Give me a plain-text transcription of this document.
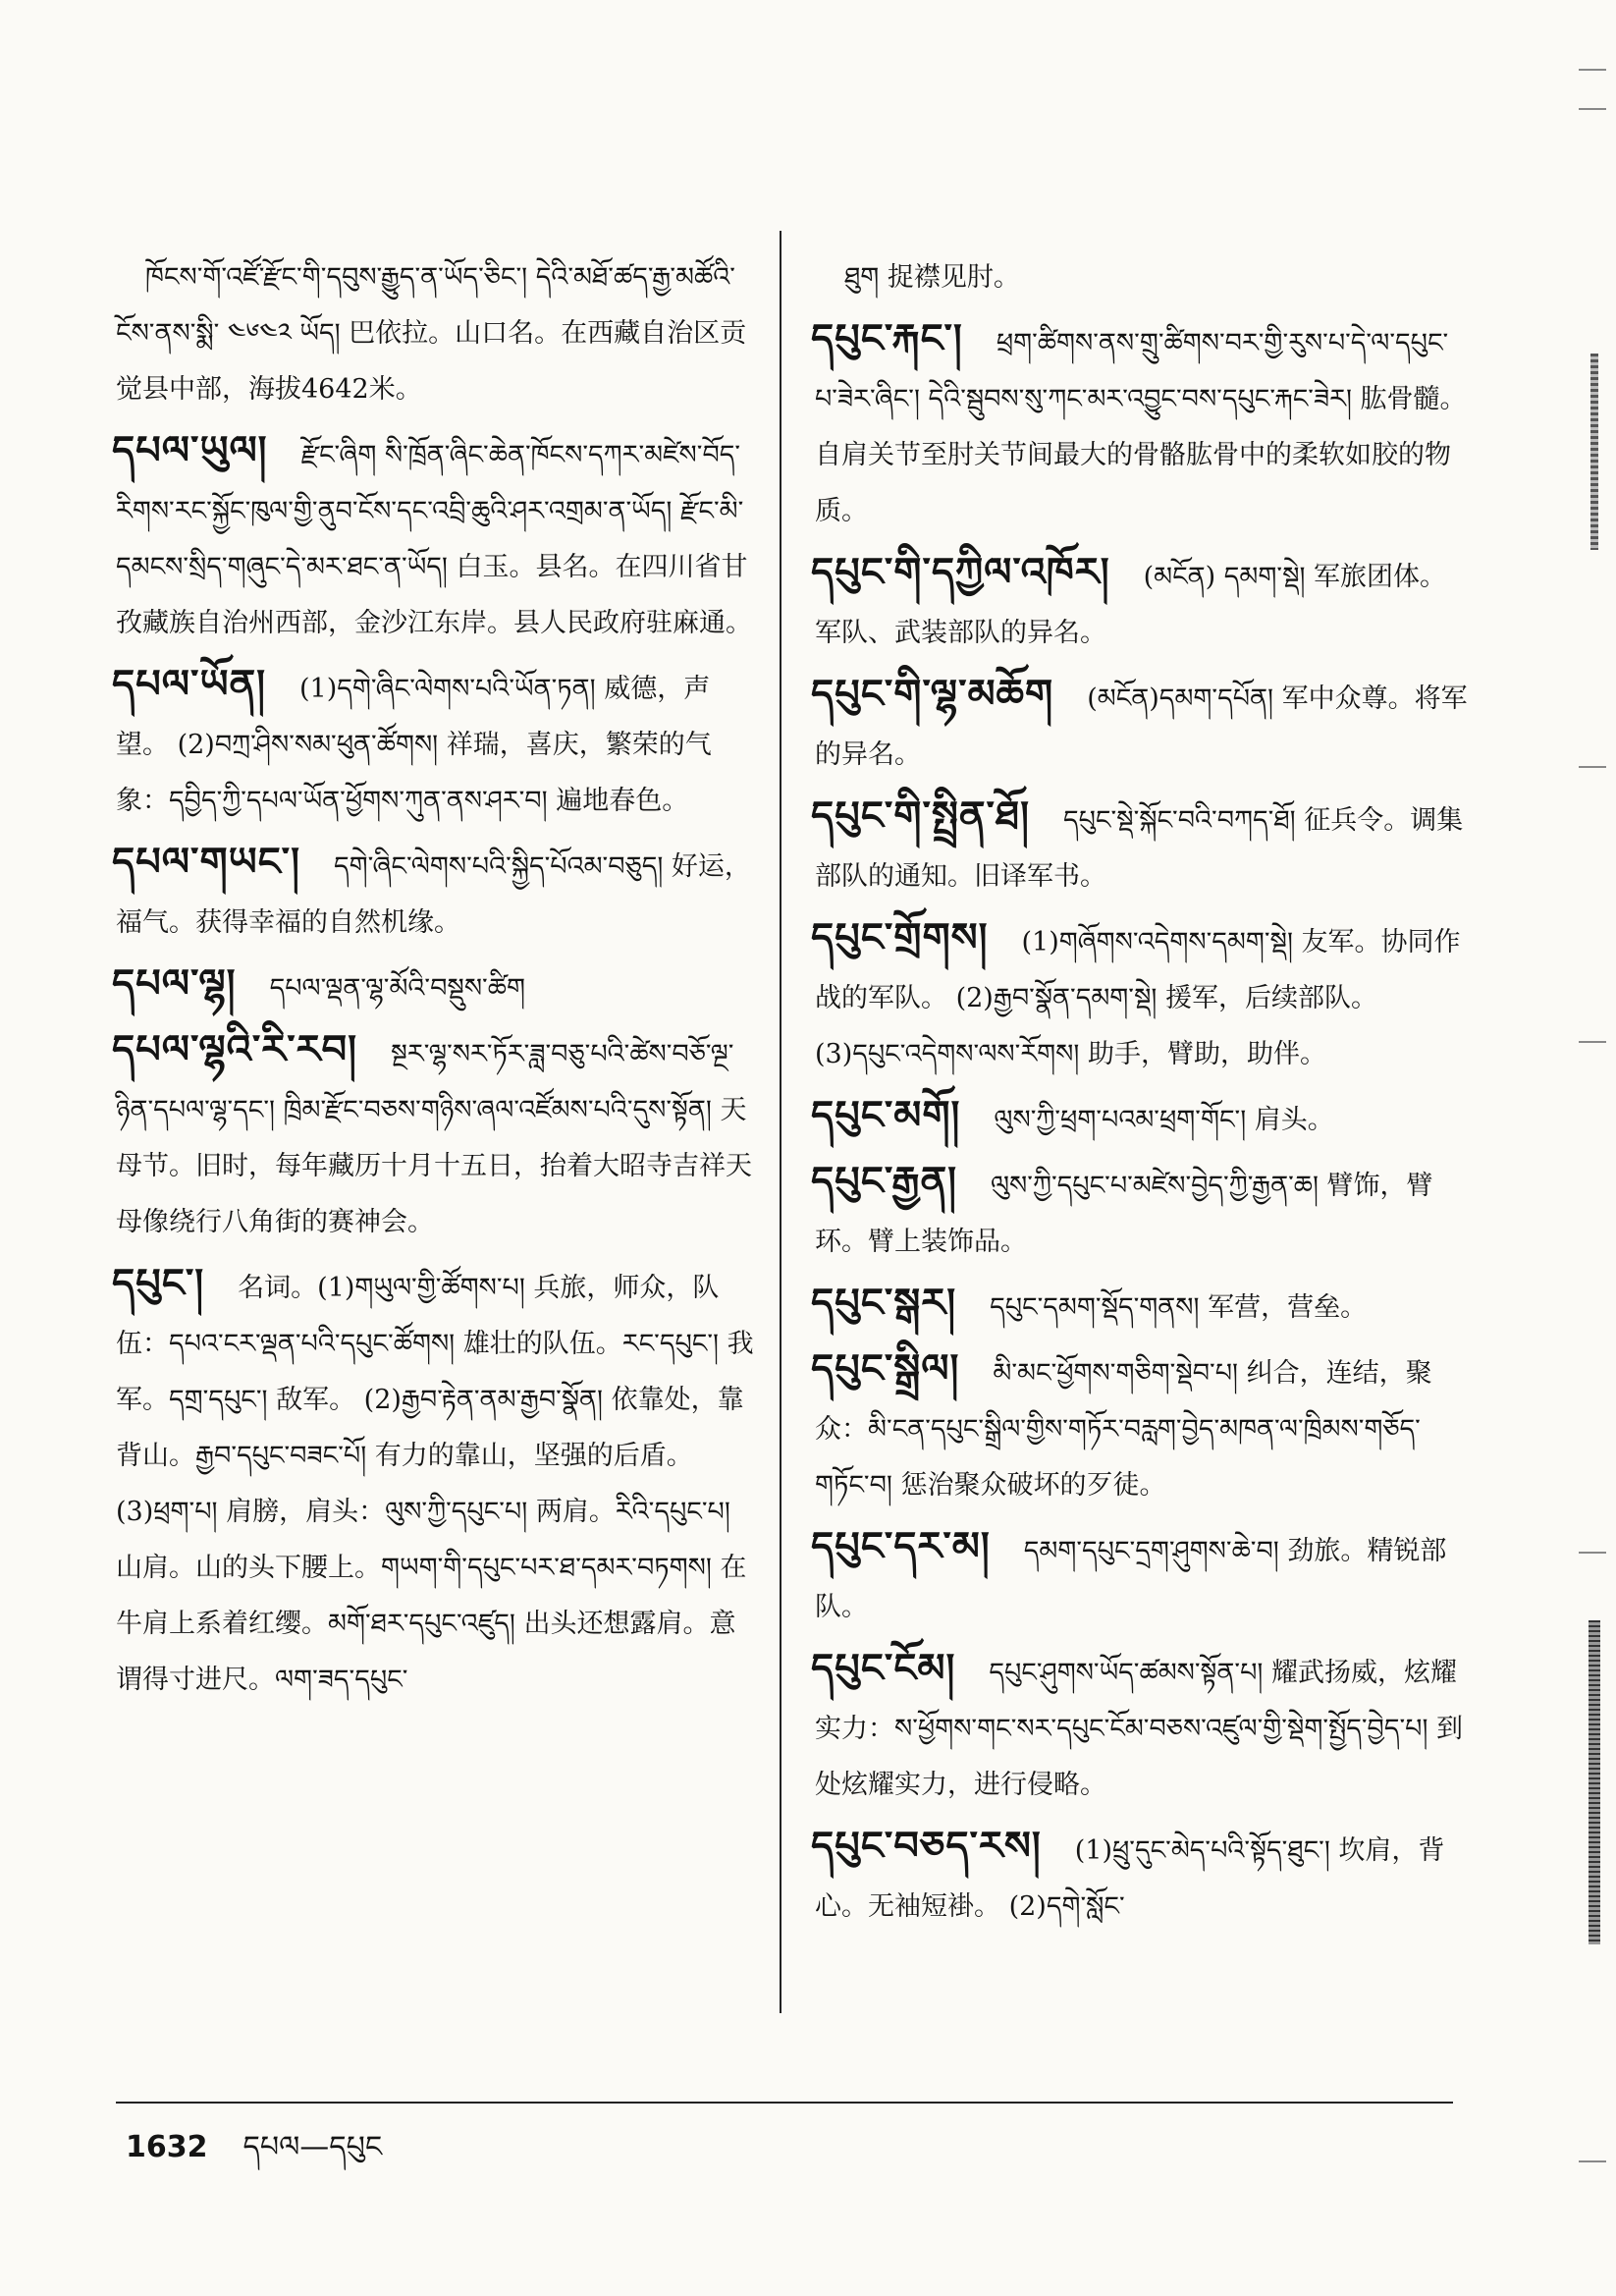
ཁོངས་གོ་འཛོ་རྫོང་གི་དབུས་རྒྱུད་ན་ཡོད་ཅིང་། དེའི་མཐོ་ཚད་རྒྱ་མཚོའི་ངོས་ནས་སྨི་ ༤༦༤༢ ཡོད། 巴依拉。山口名。在西藏自治区贡觉县中部，海拔4642米。
དཔལ་ཡུལ། རྫོང་ཞིག སི་ཁྲོན་ཞིང་ཆེན་ཁོངས་དཀར་མཛེས་བོད་རིགས་རང་སྐྱོང་ཁུལ་གྱི་ནུབ་ངོས་དང་འབྲི་ཆུའི་ཤར་འགྲམ་ན་ཡོད། རྫོང་མི་དམངས་སྲིད་གཞུང་དེ་མར་ཐང་ན་ཡོད། 白玉。县名。在四川省甘孜藏族自治州西部，金沙江东岸。县人民政府驻麻通。
དཔལ་ཡོན། (1)དགེ་ཞིང་ལེགས་པའི་ཡོན་ཏན། 威德，声望。 (2)བཀྲ་ཤིས་སམ་ཕུན་ཚོགས། 祥瑞，喜庆，繁荣的气象：དབྱིད་ཀྱི་དཔལ་ཡོན་ཕྱོགས་ཀུན་ནས་ཤར་བ། 遍地春色。
དཔལ་གཡང་། དགེ་ཞིང་ལེགས་པའི་སྐྱིད་པོའམ་བཅུད། 好运，福气。获得幸福的自然机缘。
དཔལ་ལྷ། དཔལ་ལྡན་ལྷ་མོའི་བསྡུས་ཚིག
དཔལ་ལྷའི་རི་རབ། སྔར་ལྷ་སར་ཏོར་ཟླ་བཅུ་པའི་ཚེས་བཅོ་ལྔ་ཉིན་དཔལ་ལྷ་དང་། ཁྲིམ་རྫོང་བཅས་གཉིས་ཞལ་འཛོམས་པའི་དུས་སྟོན། 天母节。旧时，每年藏历十月十五日，抬着大昭寺吉祥天母像绕行八角街的赛神会。
དཔུང་། 名词。(1)གཡུལ་གྱི་ཚོགས་པ། 兵旅，师众，队伍：དཔའ་ངར་ལྡན་པའི་དཔུང་ཚོགས། 雄壮的队伍。རང་དཔུང་། 我军。དགྲ་དཔུང་། 敌军。 (2)རྒྱབ་རྟེན་ནམ་རྒྱབ་སྣོན། 依靠处，靠背山。རྒྱབ་དཔུང་བཟང་པོ། 有力的靠山，坚强的后盾。 (3)ཕྲག་པ། 肩膀，肩头：ལུས་ཀྱི་དཔུང་པ། 两肩。རིའི་དཔུང་པ། 山肩。山的头下腰上。གཡག་གི་དཔུང་པར་ཐ་དམར་བཏགས། 在牛肩上系着红缨。མགོ་ཐར་དཔུང་འཛུད། 出头还想露肩。意谓得寸进尺。ལག་ཟད་དཔུང་
ཐུག 捉襟见肘。
དཔུང་རྐང་། ཕྲག་ཚིགས་ནས་གྲུ་ཚིགས་བར་གྱི་རུས་པ་དེ་ལ་དཔུང་པ་ཟེར་ཞིང་། དེའི་སྦུབས་སུ་ཀང་མར་འབྱུང་བས་དཔུང་རྐང་ཟེར། 肱骨髓。自肩关节至肘关节间最大的骨骼肱骨中的柔软如胶的物质。
དཔུང་གི་དཀྱིལ་འཁོར། (མངོན) དམག་སྡེ། 军旅团体。军队、武装部队的异名。
དཔུང་གི་ལྷ་མཆོག (མངོན)དམག་དཔོན། 军中众尊。将军的异名。
དཔུང་གི་སྤྲིན་ཐོ། དཔུང་སྡེ་སྐོང་བའི་བཀད་ཐོ། 征兵令。调集部队的通知。旧译军书。
དཔུང་གྲོགས། (1)གཞོགས་འདེགས་དམག་སྡེ། 友军。协同作战的军队。 (2)རྒྱབ་སྣོན་དམག་སྡེ། 援军，后续部队。 (3)དཔུང་འདེགས་ལས་རོགས། 助手，臂助，助伴。
དཔུང་མགོ། ལུས་ཀྱི་ཕྲག་པའམ་ཕྲག་གོང་། 肩头。
དཔུང་རྒྱན། ལུས་ཀྱི་དཔུང་པ་མཛེས་བྱེད་ཀྱི་རྒྱན་ཆ། 臂饰，臂环。臂上装饰品。
དཔུང་སྒར། དཔུང་དམག་སྡོད་གནས། 军营，营垒。
དཔུང་སྒྲིལ། མི་མང་ཕྱོགས་གཅིག་སྡེབ་པ། 纠合，连结，聚众：མི་ངན་དཔུང་སྒྲིལ་གྱིས་གཏོར་བརླག་བྱེད་མཁན་ལ་ཁྲིམས་གཅོད་གཏོང་བ། 惩治聚众破坏的歹徒。
དཔུང་དར་མ། དམག་དཔུང་དྲག་ཤུགས་ཆེ་བ། 劲旅。精锐部队。
དཔུང་ངོམ། དཔུང་ཤུགས་ཡོད་ཚམས་སྟོན་པ། 耀武扬威，炫耀实力：ས་ཕྱོགས་གང་སར་དཔུང་ངོམ་བཅས་འཛུལ་གྱི་སྡེག་སྤྱོད་བྱེད་པ། 到处炫耀实力，进行侵略。
དཔུང་བཅད་རས། (1)ཕྲུ་དུང་མེད་པའི་སྟོད་ཐུང་། 坎肩，背心。无袖短褂。 (2)དགེ་སློང་
1632 དཔལ—དཔུང
